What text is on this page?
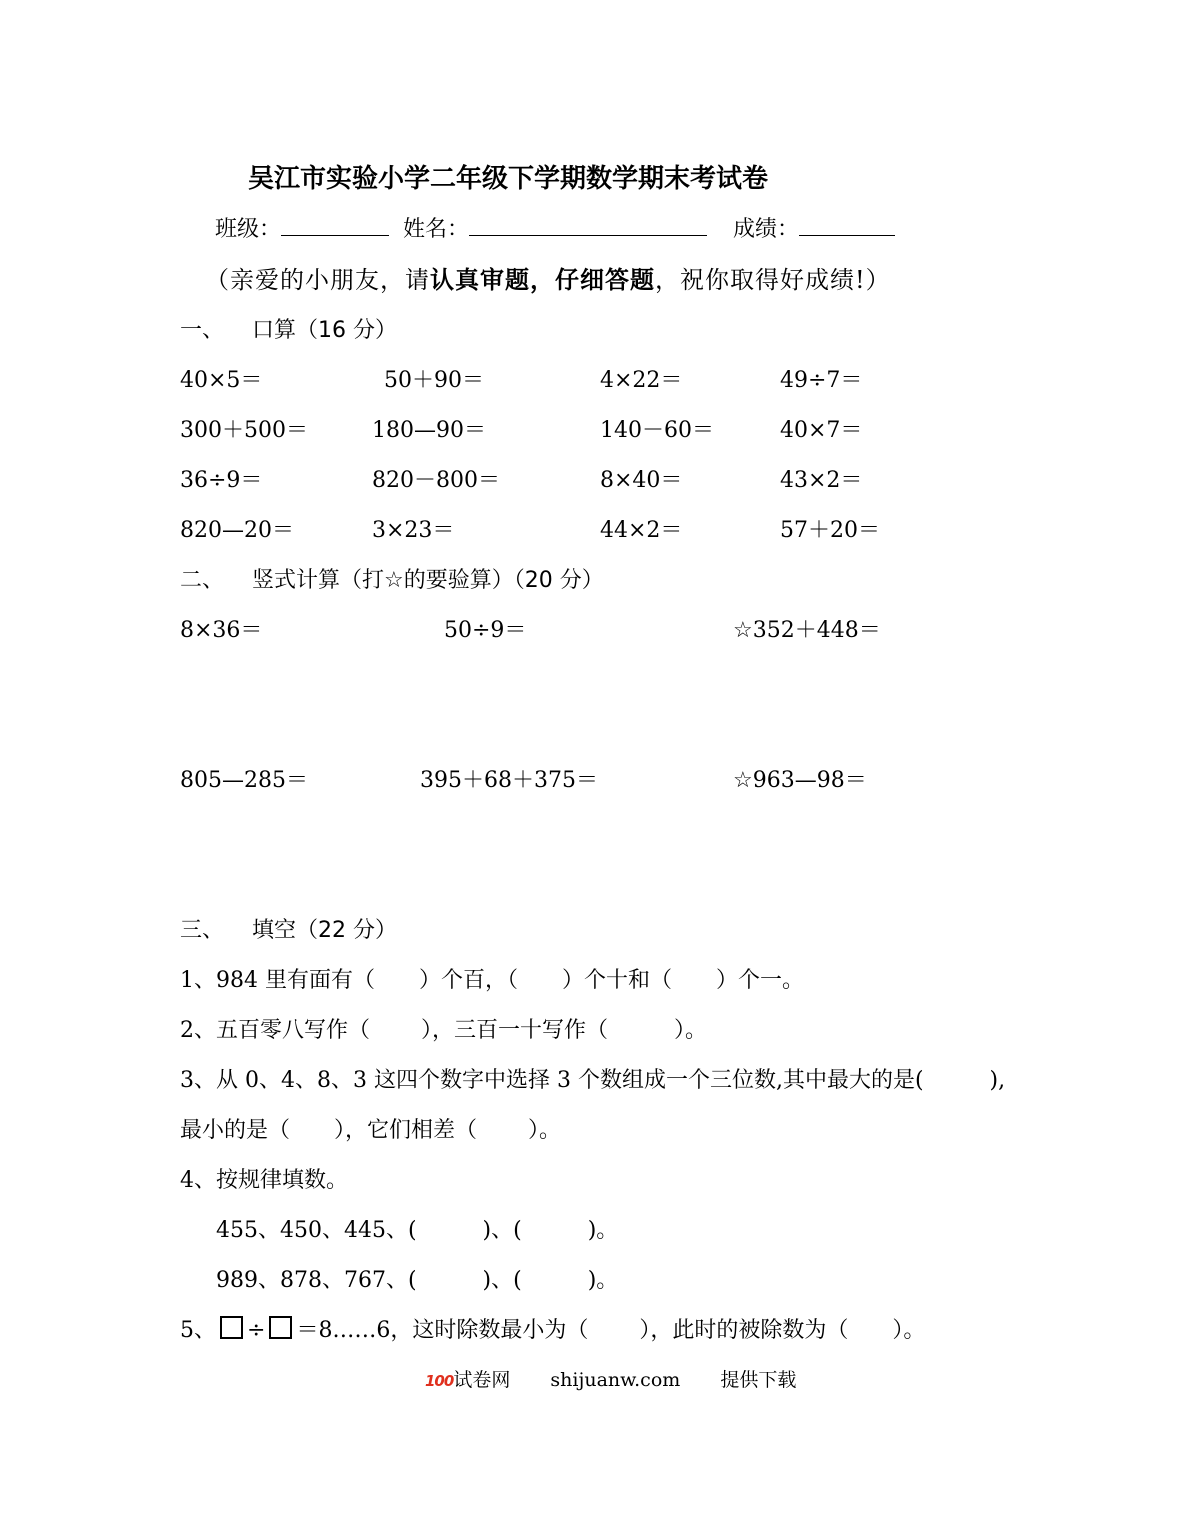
吴江市实验小学二年级下学期数学期末考试卷
班级：	姓名：	成绩：
（亲爱的小朋友，请认真审题，仔细答题，祝你取得好成绩!）
一、 口算（16 分）
40×5＝	50＋90＝	4×22＝	49÷7＝
300＋500＝	180—90＝	140－60＝	40×7＝
36÷9＝	820－800＝	8×40＝	43×2＝
820—20＝	3×23＝	44×2＝	57＋20＝
二、 竖式计算（打☆的要验算）（20 分）
8×36＝	50÷9＝	☆352＋448＝
805—285＝	395＋68＋375＝	☆963—98＝
三、 填空（22 分）
1、984 里有面有（　　）个百，（　　）个十和（　　）个一。
2、五百零八写作（　　 ），三百一十写作（　　　）。
3、从 0、4、8、3 这四个数字中选择 3 个数组成一个三位数,其中最大的是(　　　),
最小的是（　　），它们相差（　　 ）。
4、按规律填数。
455、450、445、(　　　)、(　　　)。
989、878、767、(　　　)、(　　　)。
5、 ÷ ＝8……6，这时除数最小为（　　 ），此时的被除数为（　　）。
100试卷网 shijuanw.com 提供下载
